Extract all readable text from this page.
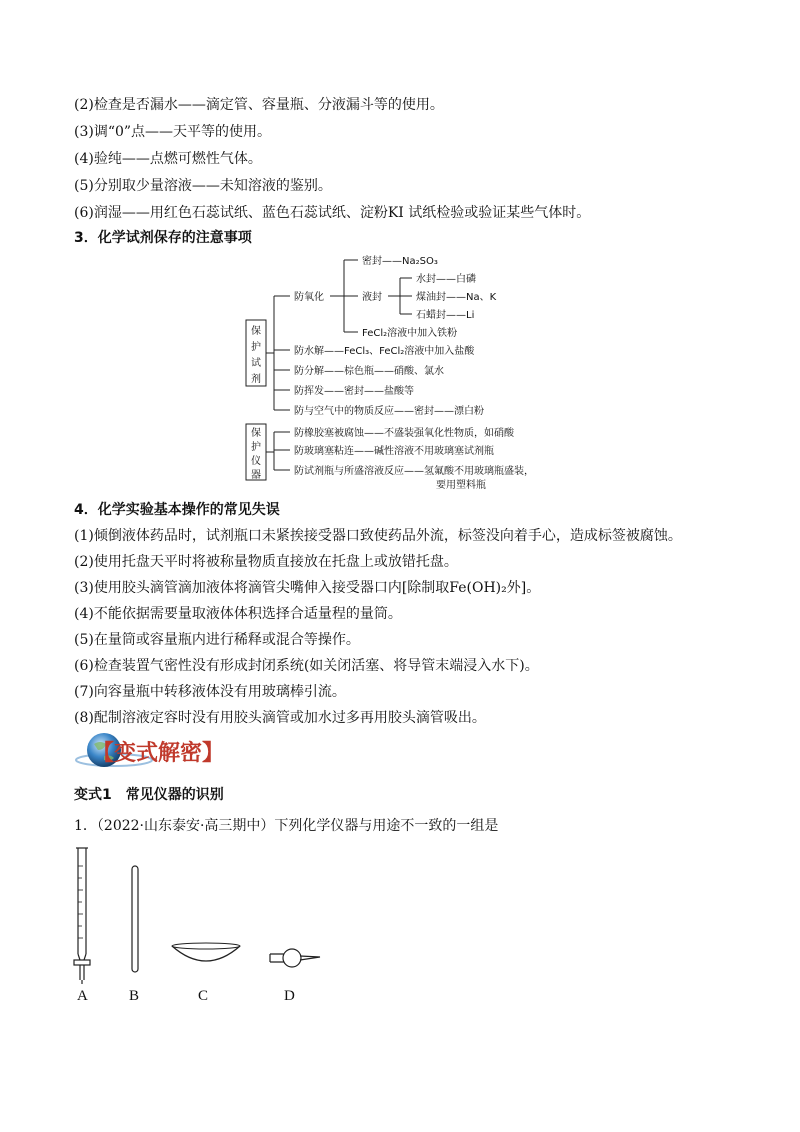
(2)检查是否漏水——滴定管、容量瓶、分液漏斗等的使用。
(3)调“0”点——天平等的使用。
(4)验纯——点燃可燃性气体。
(5)分别取少量溶液——未知溶液的鉴别。
(6)润湿——用红色石蕊试纸、蓝色石蕊试纸、淀粉KI 试纸检验或验证某些气体时。
3．化学试剂保存的注意事项
保
护
试
剂
保
护
仪
器
防氧化
密封——Na₂SO₃
液封
水封——白磷
煤油封——Na、K
石蜡封——Li
FeCl₂溶液中加入铁粉
防水解——FeCl₃、FeCl₂溶液中加入盐酸
防分解——棕色瓶——硝酸、氯水
防挥发——密封——盐酸等
防与空气中的物质反应——密封——漂白粉
防橡胶塞被腐蚀——不盛装强氧化性物质，如硝酸
防玻璃塞粘连——碱性溶液不用玻璃塞试剂瓶
防试剂瓶与所盛溶液反应——氢氟酸不用玻璃瓶盛装，
要用塑料瓶
4．化学实验基本操作的常见失误
(1)倾倒液体药品时，试剂瓶口未紧挨接受器口致使药品外流，标签没向着手心，造成标签被腐蚀。
(2)使用托盘天平时将被称量物质直接放在托盘上或放错托盘。
(3)使用胶头滴管滴加液体将滴管尖嘴伸入接受器口内[除制取Fe(OH)₂外]。
(4)不能依据需要量取液体体积选择合适量程的量筒。
(5)在量筒或容量瓶内进行稀释或混合等操作。
(6)检查装置气密性没有形成封闭系统(如关闭活塞、将导管末端浸入水下)。
(7)向容量瓶中转移液体没有用玻璃棒引流。
(8)配制溶液定容时没有用胶头滴管或加水过多再用胶头滴管吸出。
【变式解密】
变式1　常见仪器的识别
1．（2022·山东泰安·高三期中）下列化学仪器与用途不一致的一组是
A	B	C	D
